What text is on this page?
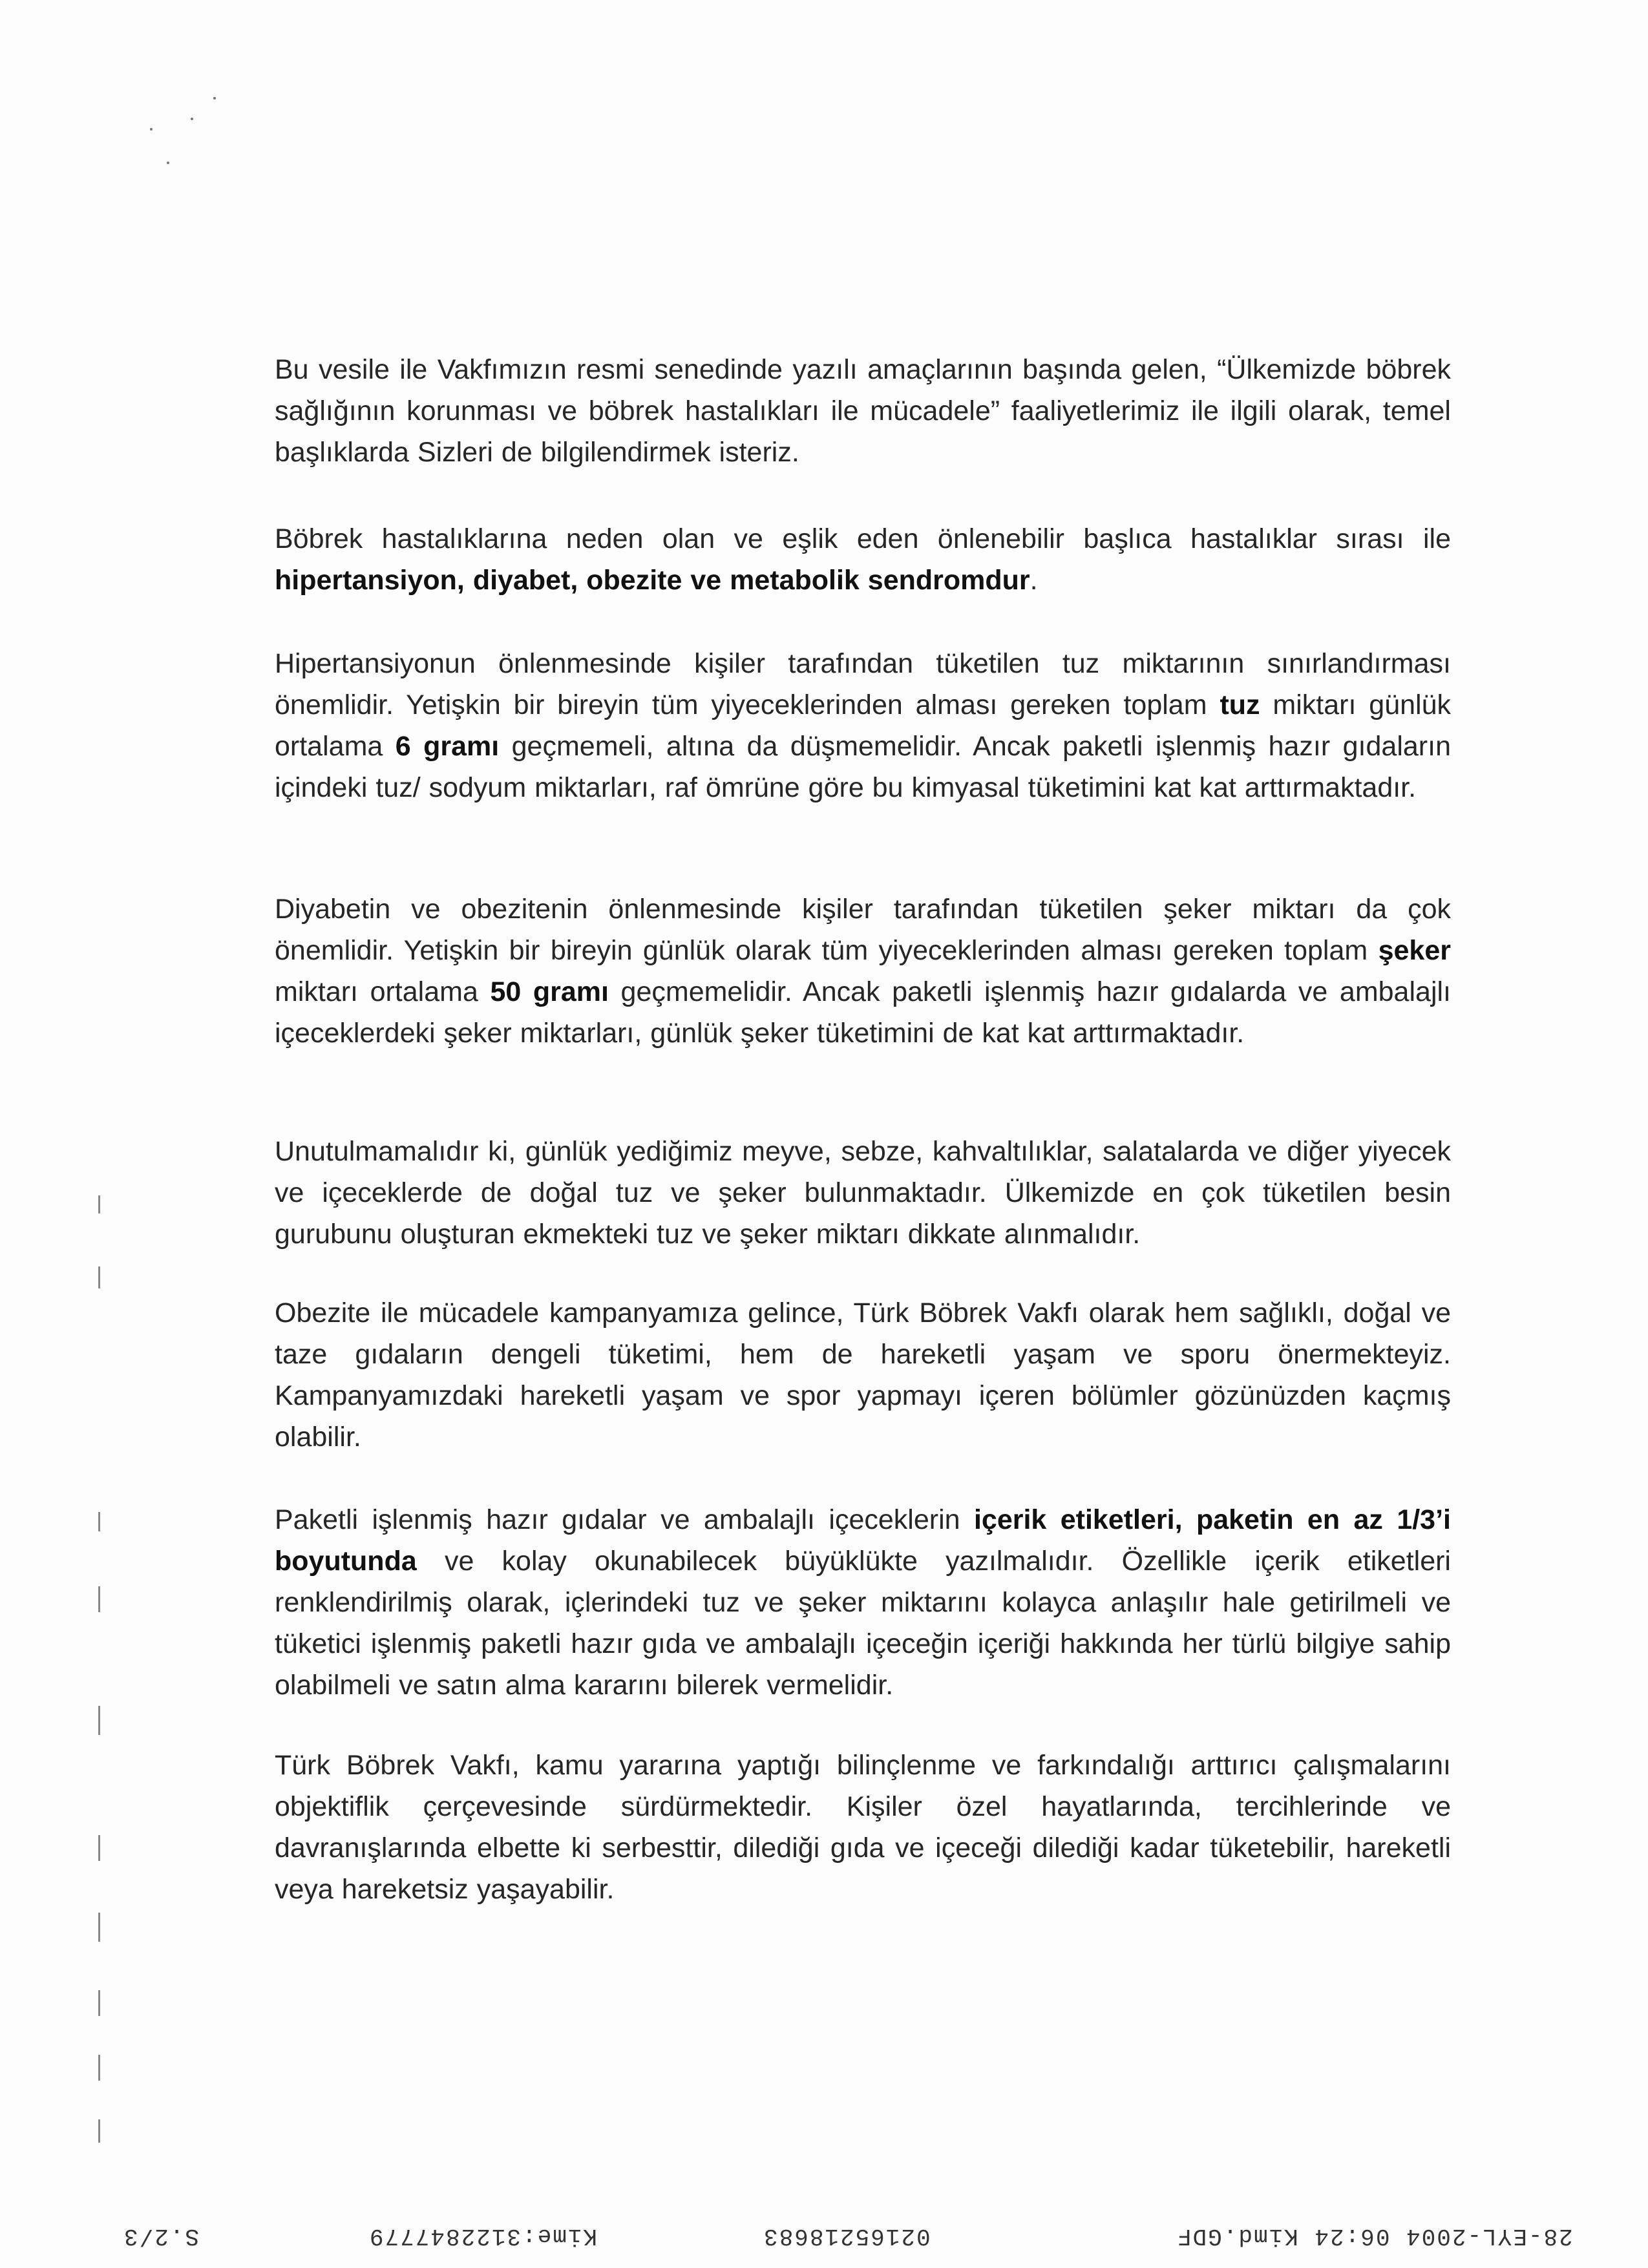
Bu vesile ile Vakfımızın resmi senedinde yazılı amaçlarının başında gelen, “Ülkemizde böbrek sağlığının korunması ve böbrek hastalıkları ile mücadele” faaliyetlerimiz ile ilgili olarak, temel başlıklarda Sizleri de bilgilendirmek isteriz.

Böbrek hastalıklarına neden olan ve eşlik eden önlenebilir başlıca hastalıklar sırası ile hipertansiyon, diyabet, obezite ve metabolik sendromdur.

Hipertansiyonun önlenmesinde kişiler tarafından tüketilen tuz miktarının sınırlandırması önemlidir. Yetişkin bir bireyin tüm yiyeceklerinden alması gereken toplam tuz miktarı günlük ortalama 6 gramı geçmemeli, altına da düşmemelidir. Ancak paketli işlenmiş hazır gıdaların içindeki tuz/ sodyum miktarları, raf ömrüne göre bu kimyasal tüketimini kat kat arttırmaktadır.

Diyabetin ve obezitenin önlenmesinde kişiler tarafından tüketilen şeker miktarı da çok önemlidir. Yetişkin bir bireyin günlük olarak tüm yiyeceklerinden alması gereken toplam şeker miktarı ortalama 50 gramı geçmemelidir. Ancak paketli işlenmiş hazır gıdalarda ve ambalajlı içeceklerdeki şeker miktarları, günlük şeker tüketimini de kat kat arttırmaktadır.

Unutulmamalıdır ki, günlük yediğimiz meyve, sebze, kahvaltılıklar, salatalarda ve diğer yiyecek ve içeceklerde de doğal tuz ve şeker bulunmaktadır. Ülkemizde en çok tüketilen besin gurubunu oluşturan ekmekteki tuz ve şeker miktarı dikkate alınmalıdır.

Obezite ile mücadele kampanyamıza gelince, Türk Böbrek Vakfı olarak hem sağlıklı, doğal ve taze gıdaların dengeli tüketimi, hem de hareketli yaşam ve sporu önermekteyiz. Kampanyamızdaki hareketli yaşam ve spor yapmayı içeren bölümler gözünüzden kaçmış olabilir.

Paketli işlenmiş hazır gıdalar ve ambalajlı içeceklerin içerik etiketleri, paketin en az 1/3’i boyutunda ve kolay okunabilecek büyüklükte yazılmalıdır. Özellikle içerik etiketleri renklendirilmiş olarak, içlerindeki tuz ve şeker miktarını kolayca anlaşılır hale getirilmeli ve tüketici işlenmiş paketli hazır gıda ve ambalajlı içeceğin içeriği hakkında her türlü bilgiye sahip olabilmeli ve satın alma kararını bilerek vermelidir.

Türk Böbrek Vakfı, kamu yararına yaptığı bilinçlenme ve farkındalığı arttırıcı çalışmalarını objektiflik çerçevesinde sürdürmektedir. Kişiler özel hayatlarında, tercihlerinde ve davranışlarında elbette ki serbesttir, dilediği gıda ve içeceği dilediği kadar tüketebilir, hareketli veya hareketsiz yaşayabilir.

28-EYL-2004 06:24 Kimd.GDF
02165218683
Kime:3122847779
S.2/3
